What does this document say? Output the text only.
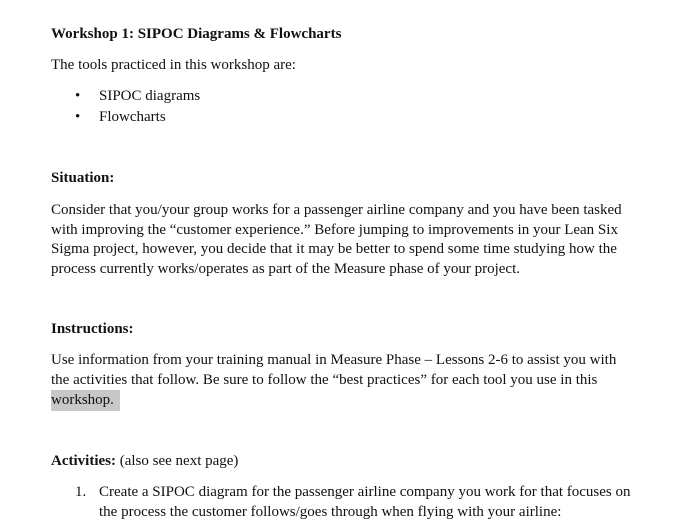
Workshop 1: SIPOC Diagrams & Flowcharts
The tools practiced in this workshop are:
• SIPOC diagrams
• Flowcharts
Situation:
Consider that you/your group works for a passenger airline company and you have been tasked
with improving the “customer experience.” Before jumping to improvements in your Lean Six
Sigma project, however, you decide that it may be better to spend some time studying how the
process currently works/operates as part of the Measure phase of your project.
Instructions:
Use information from your training manual in Measure Phase – Lessons 2-6 to assist you with
the activities that follow. Be sure to follow the “best practices” for each tool you use in this
workshop.
Activities: (also see next page)
1. Create a SIPOC diagram for the passenger airline company you work for that focuses on
the process the customer follows/goes through when flying with your airline:
